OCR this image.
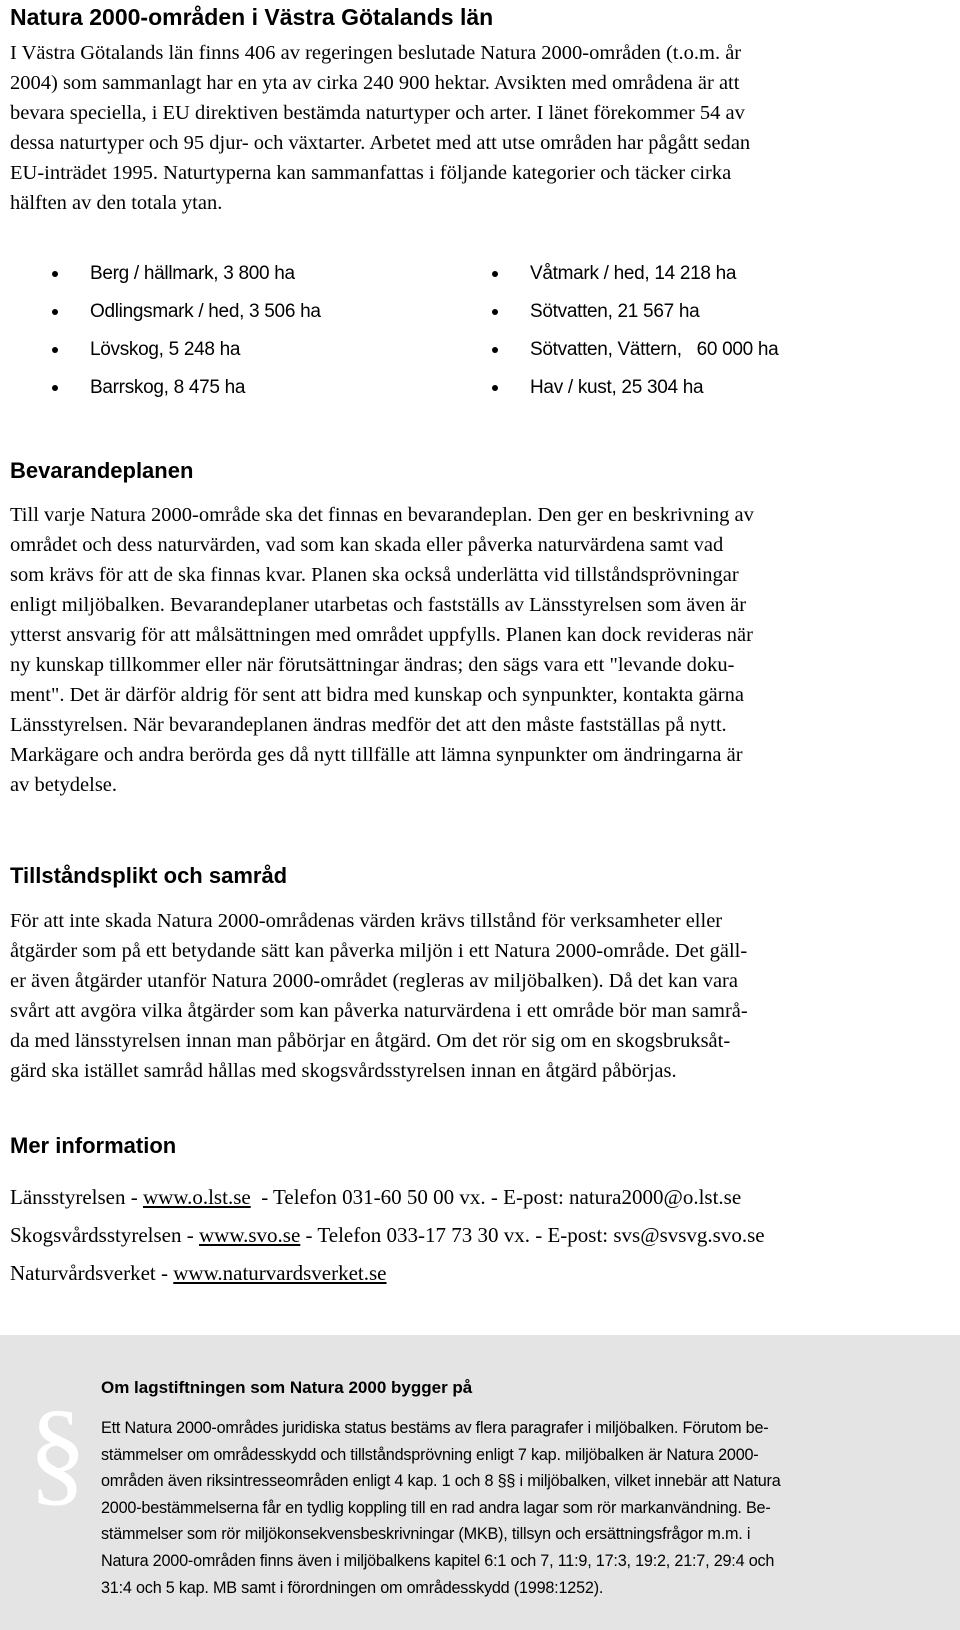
Natura 2000-områden i Västra Götalands län
I Västra Götalands län finns 406 av regeringen beslutade Natura 2000-områden (t.o.m. år
2004) som sammanlagt har en yta av cirka 240 900 hektar. Avsikten med områdena är att
bevara speciella, i EU direktiven bestämda naturtyper och arter. I länet förekommer 54 av
dessa naturtyper och 95 djur- och växtarter. Arbetet med att utse områden har pågått sedan
EU-inträdet 1995. Naturtyperna kan sammanfattas i följande kategorier och täcker cirka
hälften av den totala ytan.
Berg / hällmark, 3 800 ha
Odlingsmark / hed, 3 506 ha
Lövskog, 5 248 ha
Barrskog, 8 475 ha
Våtmark / hed, 14 218 ha
Sötvatten, 21 567 ha
Sötvatten, Vättern,   60 000 ha
Hav / kust, 25 304 ha
Bevarandeplanen
Till varje Natura 2000-område ska det finnas en bevarandeplan. Den ger en beskrivning av
området och dess naturvärden, vad som kan skada eller påverka naturvärdena samt vad
som krävs för att de ska finnas kvar. Planen ska också underlätta vid tillståndsprövningar
enligt miljöbalken. Bevarandeplaner utarbetas och fastställs av Länsstyrelsen som även är
ytterst ansvarig för att målsättningen med området uppfylls. Planen kan dock revideras när
ny kunskap tillkommer eller när förutsättningar ändras; den sägs vara ett "levande doku-
ment". Det är därför aldrig för sent att bidra med kunskap och synpunkter, kontakta gärna
Länsstyrelsen. När bevarandeplanen ändras medför det att den måste fastställas på nytt.
Markägare och andra berörda ges då nytt tillfälle att lämna synpunkter om ändringarna är
av betydelse.
Tillståndsplikt och samråd
För att inte skada Natura 2000-områdenas värden krävs tillstånd för verksamheter eller
åtgärder som på ett betydande sätt kan påverka miljön i ett Natura 2000-område. Det gäll-
er även åtgärder utanför Natura 2000-området (regleras av miljöbalken). Då det kan vara
svårt att avgöra vilka åtgärder som kan påverka naturvärdena i ett område bör man samrå-
da med länsstyrelsen innan man påbörjar en åtgärd. Om det rör sig om en skogsbruksåt-
gärd ska istället samråd hållas med skogsvårdsstyrelsen innan en åtgärd påbörjas.
Mer information
Länsstyrelsen - www.o.lst.se  - Telefon 031-60 50 00 vx. - E-post: natura2000@o.lst.se
Skogsvårdsstyrelsen - www.svo.se - Telefon 033-17 73 30 vx. - E-post: svs@svsvg.svo.se
Naturvårdsverket - www.naturvardsverket.se
§ Om lagstiftningen som Natura 2000 bygger på
Ett Natura 2000-områdes juridiska status bestäms av flera paragrafer i miljöbalken. Förutom be-
stämmelser om områdesskydd och tillståndsprövning enligt 7 kap. miljöbalken är Natura 2000-
områden även riksintresseområden enligt 4 kap. 1 och 8 §§ i miljöbalken, vilket innebär att Natura
2000-bestämmelserna får en tydlig koppling till en rad andra lagar som rör markanvändning. Be-
stämmelser som rör miljökonsekvensbeskrivningar (MKB), tillsyn och ersättningsfrågor m.m. i
Natura 2000-områden finns även i miljöbalkens kapitel 6:1 och 7, 11:9, 17:3, 19:2, 21:7, 29:4 och
31:4 och 5 kap. MB samt i förordningen om områdesskydd (1998:1252).
